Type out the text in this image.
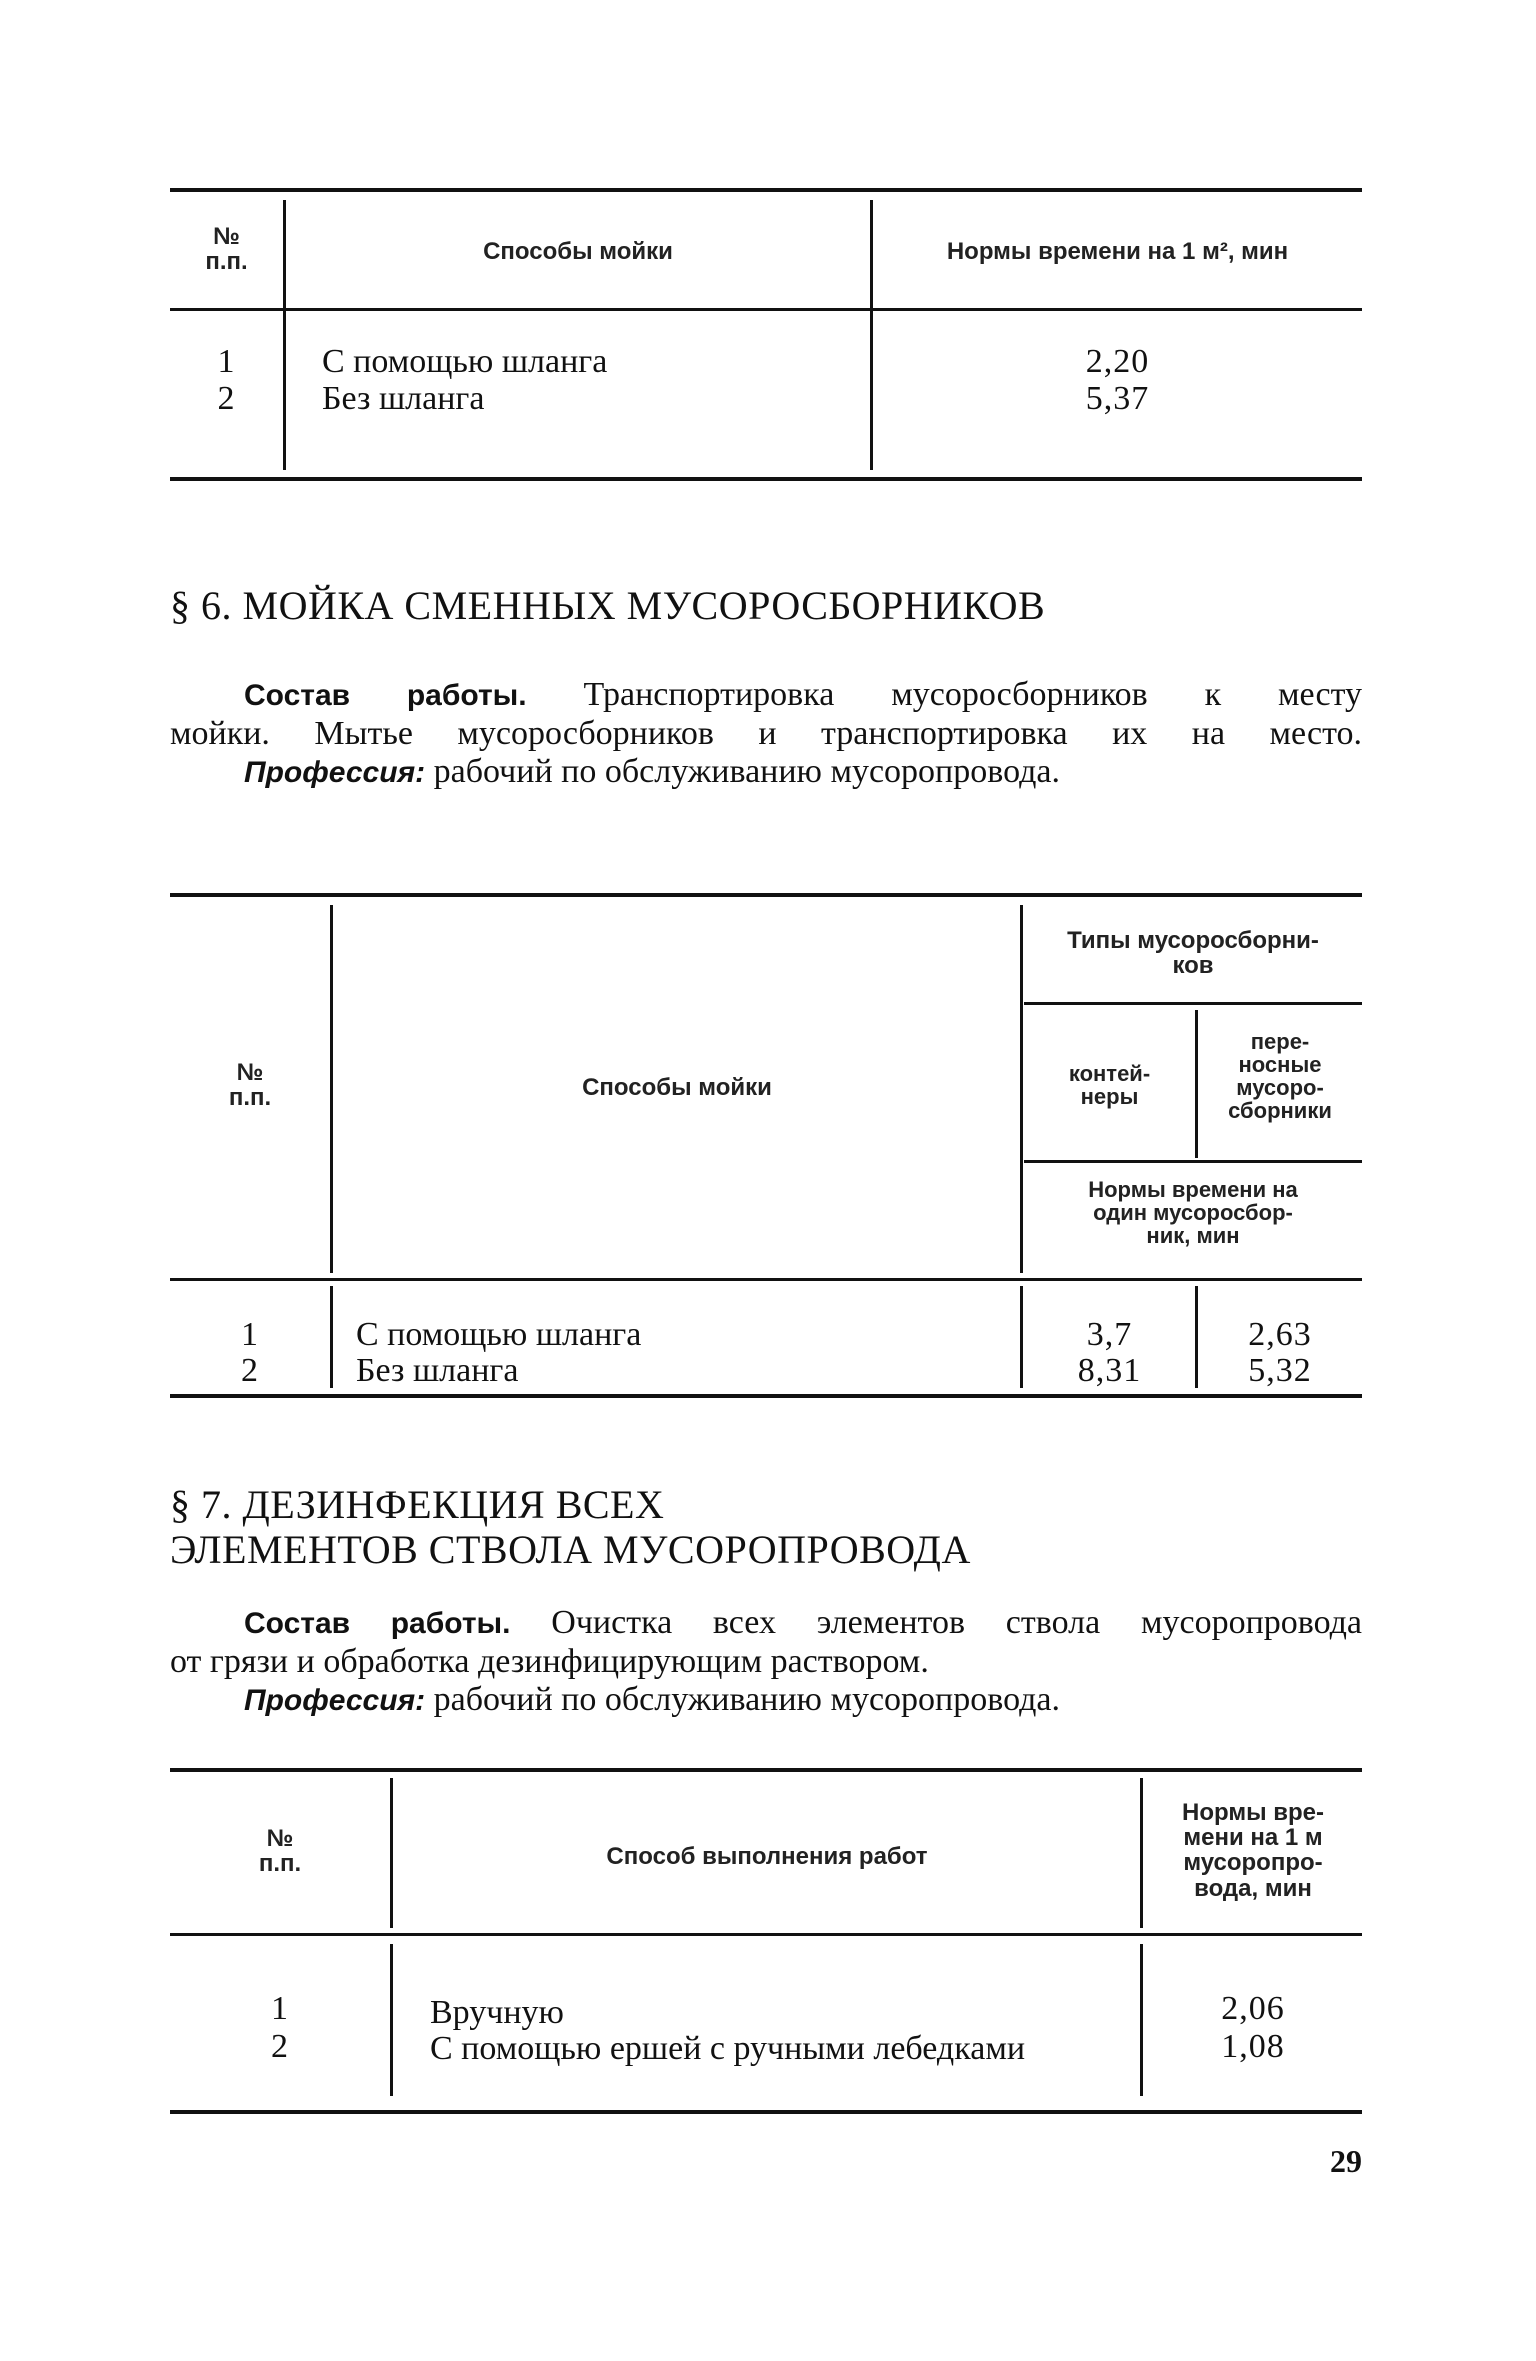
№
п.п.	Способы мойки	Нормы времени на 1 м², мин
1	С помощью шланга	2,20
2	Без шланга	5,37
§ 6. МОЙКА СМЕННЫХ МУСОРОСБОРНИКОВ
Состав работы. Транспортировка мусоросборников к месту
мойки. Мытье мусоросборников и транспортировка их на место.
Профессия: рабочий по обслуживанию мусоропровода.
№
п.п.	Способы мойки
Типы мусоросборни-
ков
контей-
неры
пере-
носные
мусоро-
сборники
Нормы времени на
один мусоросбор-
ник, мин
1	С помощью шланга	3,7	2,63
2	Без шланга	8,31	5,32
§ 7. ДЕЗИНФЕКЦИЯ ВСЕХ
ЭЛЕМЕНТОВ СТВОЛА МУСОРОПРОВОДА
Состав работы. Очистка всех элементов ствола мусоропровода
от грязи и обработка дезинфицирующим раствором.
Профессия: рабочий по обслуживанию мусоропровода.
№
п.п.	Способ выполнения работ
Нормы вре-
мени на 1 м
мусоропро-
вода, мин
1	Вручную	2,06
2	С помощью ершей с ручными лебедками	1,08
29
